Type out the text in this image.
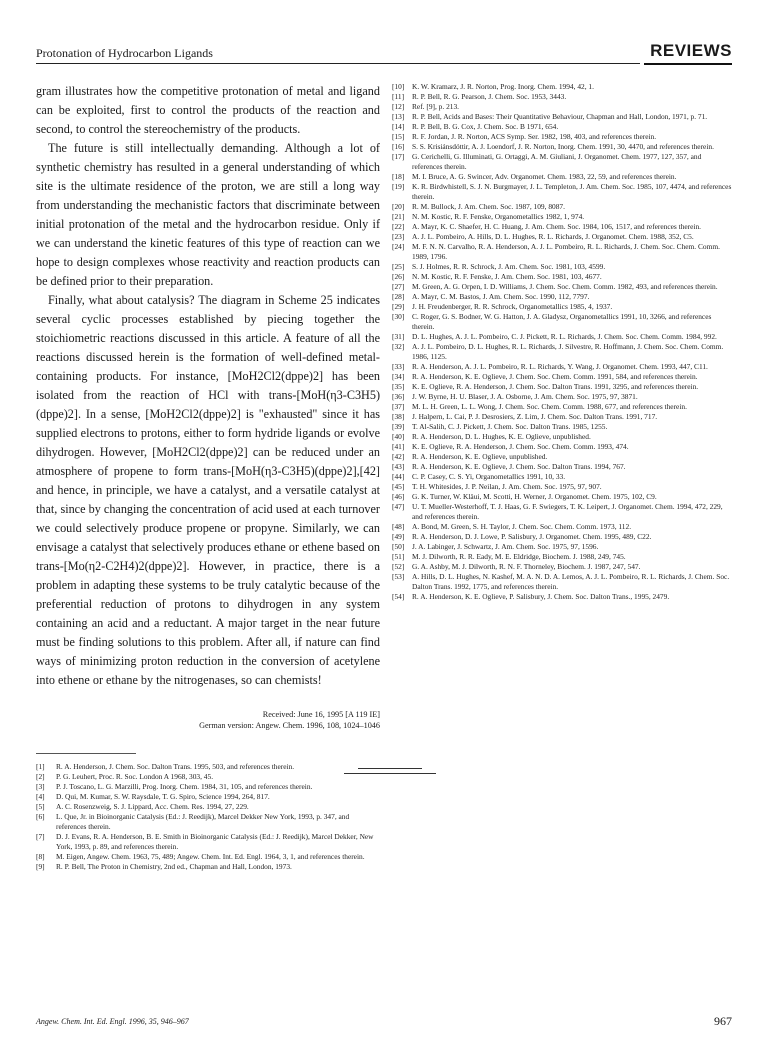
Protonation of Hydrocarbon Ligands	REVIEWS

gram illustrates how the competitive protonation of metal and ligand can be exploited, first to control the products of the reaction and second, to control the stereochemistry of the products.

The future is still intellectually demanding. Although a lot of synthetic chemistry has resulted in a general understanding of which site is the ultimate residence of the proton, we are still a long way from understanding the mechanistic factors that discriminate between initial protonation of the metal and the hydrocarbon residue. Only if we can understand the kinetic features of this type of reaction can we hope to design complexes whose reactivity and reaction products can be defined prior to their preparation.

Finally, what about catalysis? The diagram in Scheme 25 indicates several cyclic processes established by piecing together the stoichiometric reactions discussed in this article. A feature of all the reactions discussed herein is the formation of well-defined metal-containing products. For instance, [MoH2Cl2(dppe)2] has been isolated from the reaction of HCl with trans-[MoH(η3-C3H5)(dppe)2]. In a sense, [MoH2Cl2(dppe)2] is "exhausted" since it has supplied electrons to protons, either to form hydride ligands or evolve dihydrogen. However, [MoH2Cl2(dppe)2] can be reduced under an atmosphere of propene to form trans-[MoH(η3-C3H5)(dppe)2],[42] and hence, in principle, we have a catalyst, and a versatile catalyst at that, since by changing the concentration of acid used at each turnover we could selectively produce propene or propyne. Similarly, we can envisage a catalyst that selectively produces ethane or ethene based on trans-[Mo(η2-C2H4)2(dppe)2]. However, in practice, there is a problem in adapting these systems to be truly catalytic because of the preferential reduction of protons to dihydrogen in any system containing an acid and a reductant. A major target in the near future must be finding solutions to this problem. After all, if nature can find ways of minimizing proton reduction in the conversion of acetylene into ethene or ethane by the nitrogenases, so can chemists!

Received: June 16, 1995 [A 119 IE]
German version: Angew. Chem. 1996, 108, 1024–1046
[1] R. A. Henderson, J. Chem. Soc. Dalton Trans. 1995, 503, and references therein.
[2] P. G. Leuhert, Proc. R. Soc. London A 1968, 303, 45.
[3] P. J. Toscano, L. G. Marzilli, Prog. Inorg. Chem. 1984, 31, 105, and references therein.
[4] D. Qui, M. Kumar, S. W. Raysdale, T. G. Spiro, Science 1994, 264, 817.
[5] A. C. Rosenzweig, S. J. Lippard, Acc. Chem. Res. 1994, 27, 229.
[6] L. Que, Jr. in Bioinorganic Catalysis (Ed.: J. Reedijk), Marcel Dekker New York, 1993, p. 347, and references therein.
[7] D. J. Evans, R. A. Henderson, B. E. Smith in Bioinorganic Catalysis (Ed.: J. Reedijk), Marcel Dekker, New York, 1993, p. 89, and references therein.
[8] M. Eigen, Angew. Chem. 1963, 75, 489; Angew. Chem. Int. Ed. Engl. 1964, 3, 1, and references therein.
[9] R. P. Bell, The Proton in Chemistry, 2nd ed., Chapman and Hall, London, 1973.
[10] K. W. Kramarz, J. R. Norton, Prog. Inorg. Chem. 1994, 42, 1.
[11] R. P. Bell, R. G. Pearson, J. Chem. Soc. 1953, 3443.
[12] Ref. [9], p. 213.
[13] R. P. Bell, Acids and Bases: Their Quantitative Behaviour, Chapman and Hall, London, 1971, p. 71.
[14] R. P. Bell, B. G. Cox, J. Chem. Soc. B 1971, 654.
[15] R. F. Jordan, J. R. Norton, ACS Symp. Ser. 1982, 198, 403, and references therein.
[16] S. S. Krisiánsdóttir, A. J. Loendorf, J. R. Norton, Inorg. Chem. 1991, 30, 4470, and references therein.
[17] G. Cerichelli, G. Illuminati, G. Ortaggi, A. M. Giuliani, J. Organomet. Chem. 1977, 127, 357, and references therein.
[18] M. I. Bruce, A. G. Swincer, Adv. Organomet. Chem. 1983, 22, 59, and references therein.
[19] K. R. Birdwhistell, S. J. N. Burgmayer, J. L. Templeton, J. Am. Chem. Soc. 1985, 107, 4474, and references therein.
[20] R. M. Bullock, J. Am. Chem. Soc. 1987, 109, 8087.
[21] N. M. Kostic, R. F. Fenske, Organometallics 1982, 1, 974.
[22] A. Mayr, K. C. Shaefer, H. C. Huang, J. Am. Chem. Soc. 1984, 106, 1517, and references therein.
[23] A. J. L. Pombeiro, A. Hills, D. L. Hughes, R. L. Richards, J. Organomet. Chem. 1988, 352, C5.
[24] M. F. N. N. Carvalho, R. A. Henderson, A. J. L. Pombeiro, R. L. Richards, J. Chem. Soc. Chem. Comm. 1989, 1796.
[25] S. J. Holmes, R. R. Schrock, J. Am. Chem. Soc. 1981, 103, 4599.
[26] N. M. Kostic, R. F. Fenske, J. Am. Chem. Soc. 1981, 103, 4677.
[27] M. Green, A. G. Orpen, I. D. Williams, J. Chem. Soc. Chem. Comm. 1982, 493, and references therein.
[28] A. Mayr, C. M. Bastos, J. Am. Chem. Soc. 1990, 112, 7797.
[29] J. H. Freudenberger, R. R. Schrock, Organometallics 1985, 4, 1937.
[30] C. Roger, G. S. Bodner, W. G. Hatton, J. A. Gladysz, Organometallics 1991, 10, 3266, and references therein.
[31] D. L. Hughes, A. J. L. Pombeiro, C. J. Pickett, R. L. Richards, J. Chem. Soc. Chem. Comm. 1984, 992.
[32] A. J. L. Pombeiro, D. L. Hughes, R. L. Richards, J. Silvestre, R. Hoffmann, J. Chem. Soc. Chem. Comm. 1986, 1125.
[33] R. A. Henderson, A. J. L. Pombeiro, R. L. Richards, Y. Wang, J. Organomet. Chem. 1993, 447, C11.
[34] R. A. Henderson, K. E. Oglieve, J. Chem. Soc. Chem. Comm. 1991, 584, and references therein.
[35] K. E. Oglieve, R. A. Henderson, J. Chem. Soc. Dalton Trans. 1991, 3295, and references therein.
[36] J. W. Byrne, H. U. Blaser, J. A. Osborne, J. Am. Chem. Soc. 1975, 97, 3871.
[37] M. L. H. Green, L. L. Wong, J. Chem. Soc. Chem. Comm. 1988, 677, and references therein.
[38] J. Halpern, L. Cai, P. J. Desrosiers, Z. Lim, J. Chem. Soc. Dalton Trans. 1991, 717.
[39] T. Al-Salih, C. J. Pickett, J. Chem. Soc. Dalton Trans. 1985, 1255.
[40] R. A. Henderson, D. L. Hughes, K. E. Oglieve, unpublished.
[41] K. E. Oglieve, R. A. Henderson, J. Chem. Soc. Chem. Comm. 1993, 474.
[42] R. A. Henderson, K. E. Oglieve, unpublished.
[43] R. A. Henderson, K. E. Oglieve, J. Chem. Soc. Dalton Trans. 1994, 767.
[44] C. P. Casey, C. S. Yi, Organometallics 1991, 10, 33.
[45] T. H. Whitesides, J. P. Neilan, J. Am. Chem. Soc. 1975, 97, 907.
[46] G. K. Turner, W. Kläui, M. Scotti, H. Werner, J. Organomet. Chem. 1975, 102, C9.
[47] U. T. Mueller-Westerhoff, T. J. Haas, G. F. Swiegers, T. K. Leipert, J. Organomet. Chem. 1994, 472, 229, and references therein.
[48] A. Bond, M. Green, S. H. Taylor, J. Chem. Soc. Chem. Comm. 1973, 112.
[49] R. A. Henderson, D. J. Lowe, P. Salisbury, J. Organomet. Chem. 1995, 489, C22.
[50] J. A. Labinger, J. Schwartz, J. Am. Chem. Soc. 1975, 97, 1596.
[51] M. J. Dilworth, R. R. Eady, M. E. Eldridge, Biochem. J. 1988, 249, 745.
[52] G. A. Ashby, M. J. Dilworth, R. N. F. Thorneley, Biochem. J. 1987, 247, 547.
[53] A. Hills, D. L. Hughes, N. Kashef, M. A. N. D. A. Lemos, A. J. L. Pombeiro, R. L. Richards, J. Chem. Soc. Dalton Trans. 1992, 1775, and references therein.
[54] R. A. Henderson, K. E. Oglieve, P. Salisbury, J. Chem. Soc. Dalton Trans., 1995, 2479.
Angew. Chem. Int. Ed. Engl. 1996, 35, 946–967	967
